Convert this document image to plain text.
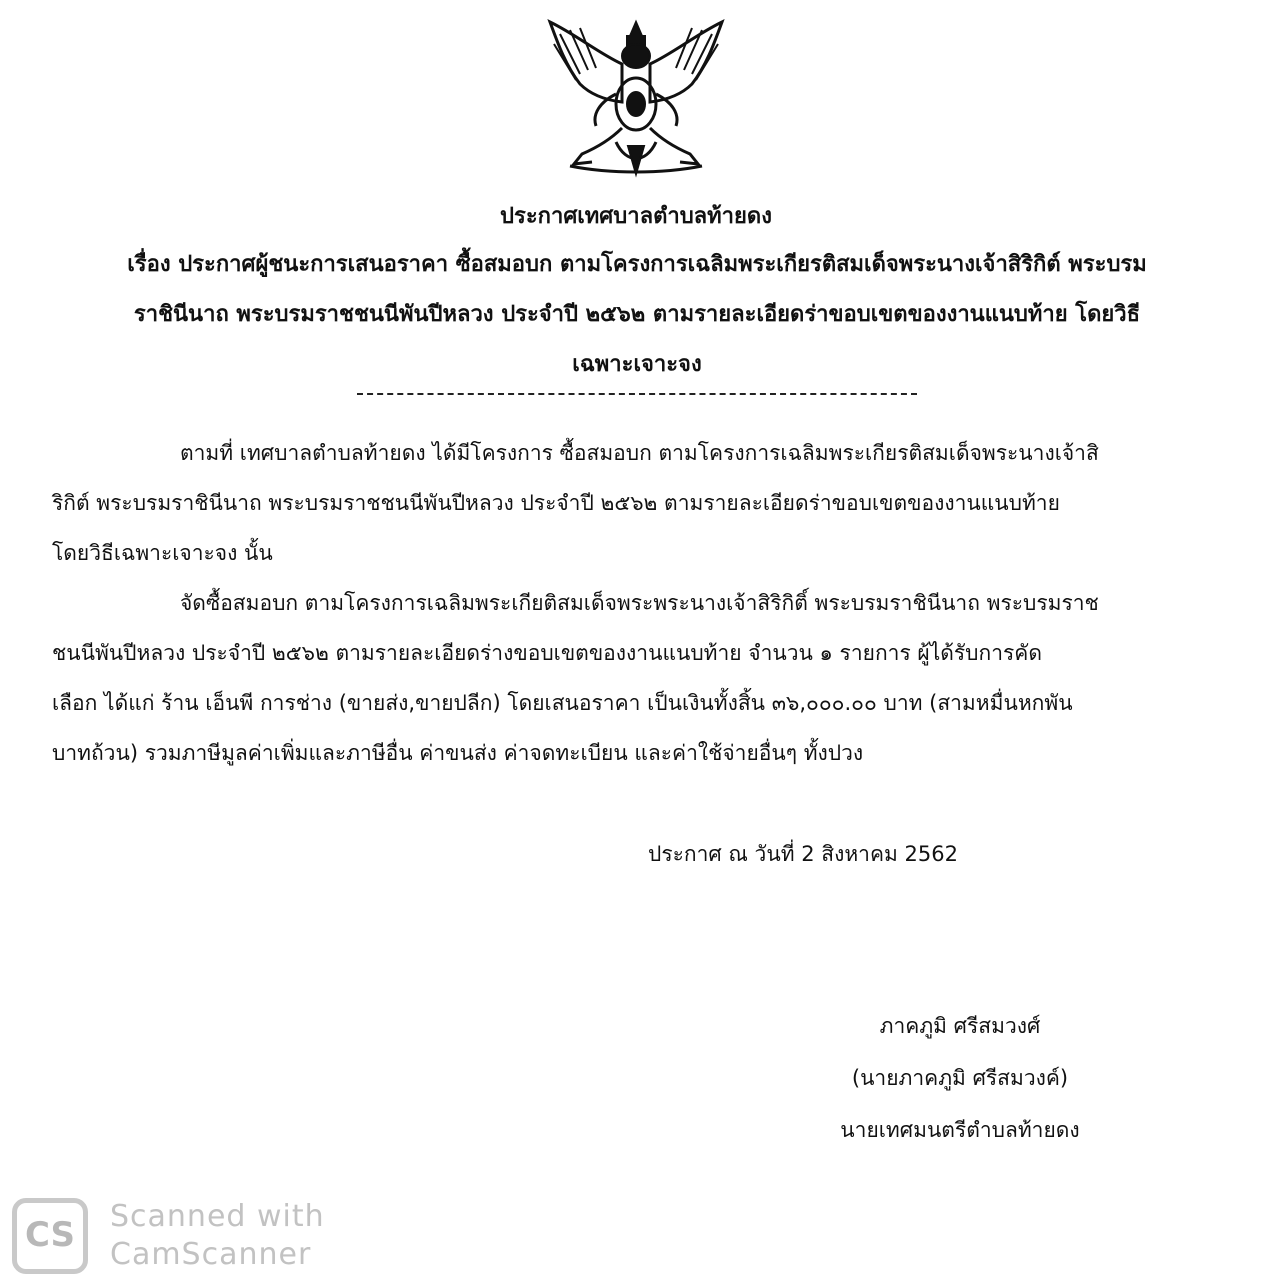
ประกาศเทศบาลตำบลท้ายดง
เรื่อง ประกาศผู้ชนะการเสนอราคา ซื้อสมอบก ตามโครงการเฉลิมพระเกียรติสมเด็จพระนางเจ้าสิริกิต์ พระบรม
ราชินีนาถ พระบรมราชชนนีพันปีหลวง ประจำปี ๒๕๖๒ ตามรายละเอียดร่าขอบเขตของงานแนบท้าย โดยวิธี
เฉพาะเจาะจง

ตามที่ เทศบาลตำบลท้ายดง ได้มีโครงการ ซื้อสมอบก ตามโครงการเฉลิมพระเกียรติสมเด็จพระนางเจ้าสิ
ริกิต์ พระบรมราชินีนาถ พระบรมราชชนนีพันปีหลวง ประจำปี ๒๕๖๒ ตามรายละเอียดร่าขอบเขตของงานแนบท้าย
โดยวิธีเฉพาะเจาะจง นั้น

จัดซื้อสมอบก ตามโครงการเฉลิมพระเกียติสมเด็จพระพระนางเจ้าสิริกิติ์ พระบรมราชินีนาถ พระบรมราช
ชนนีพันปีหลวง ประจำปี ๒๕๖๒ ตามรายละเอียดร่างขอบเขตของงานแนบท้าย จำนวน ๑ รายการ ผู้ได้รับการคัด
เลือก ได้แก่ ร้าน เอ็นพี การช่าง (ขายส่ง,ขายปลีก) โดยเสนอราคา เป็นเงินทั้งสิ้น ๓๖,๐๐๐.๐๐ บาท (สามหมื่นหกพัน
บาทถ้วน) รวมภาษีมูลค่าเพิ่มและภาษีอื่น ค่าขนส่ง ค่าจดทะเบียน และค่าใช้จ่ายอื่นๆ ทั้งปวง

ประกาศ ณ วันที่ 2 สิงหาคม 2562
ภาคภูมิ ศรีสมวงศ์
(นายภาคภูมิ ศรีสมวงค์)
นายเทศมนตรีตำบลท้ายดง
CS	Scanned with
CamScanner
